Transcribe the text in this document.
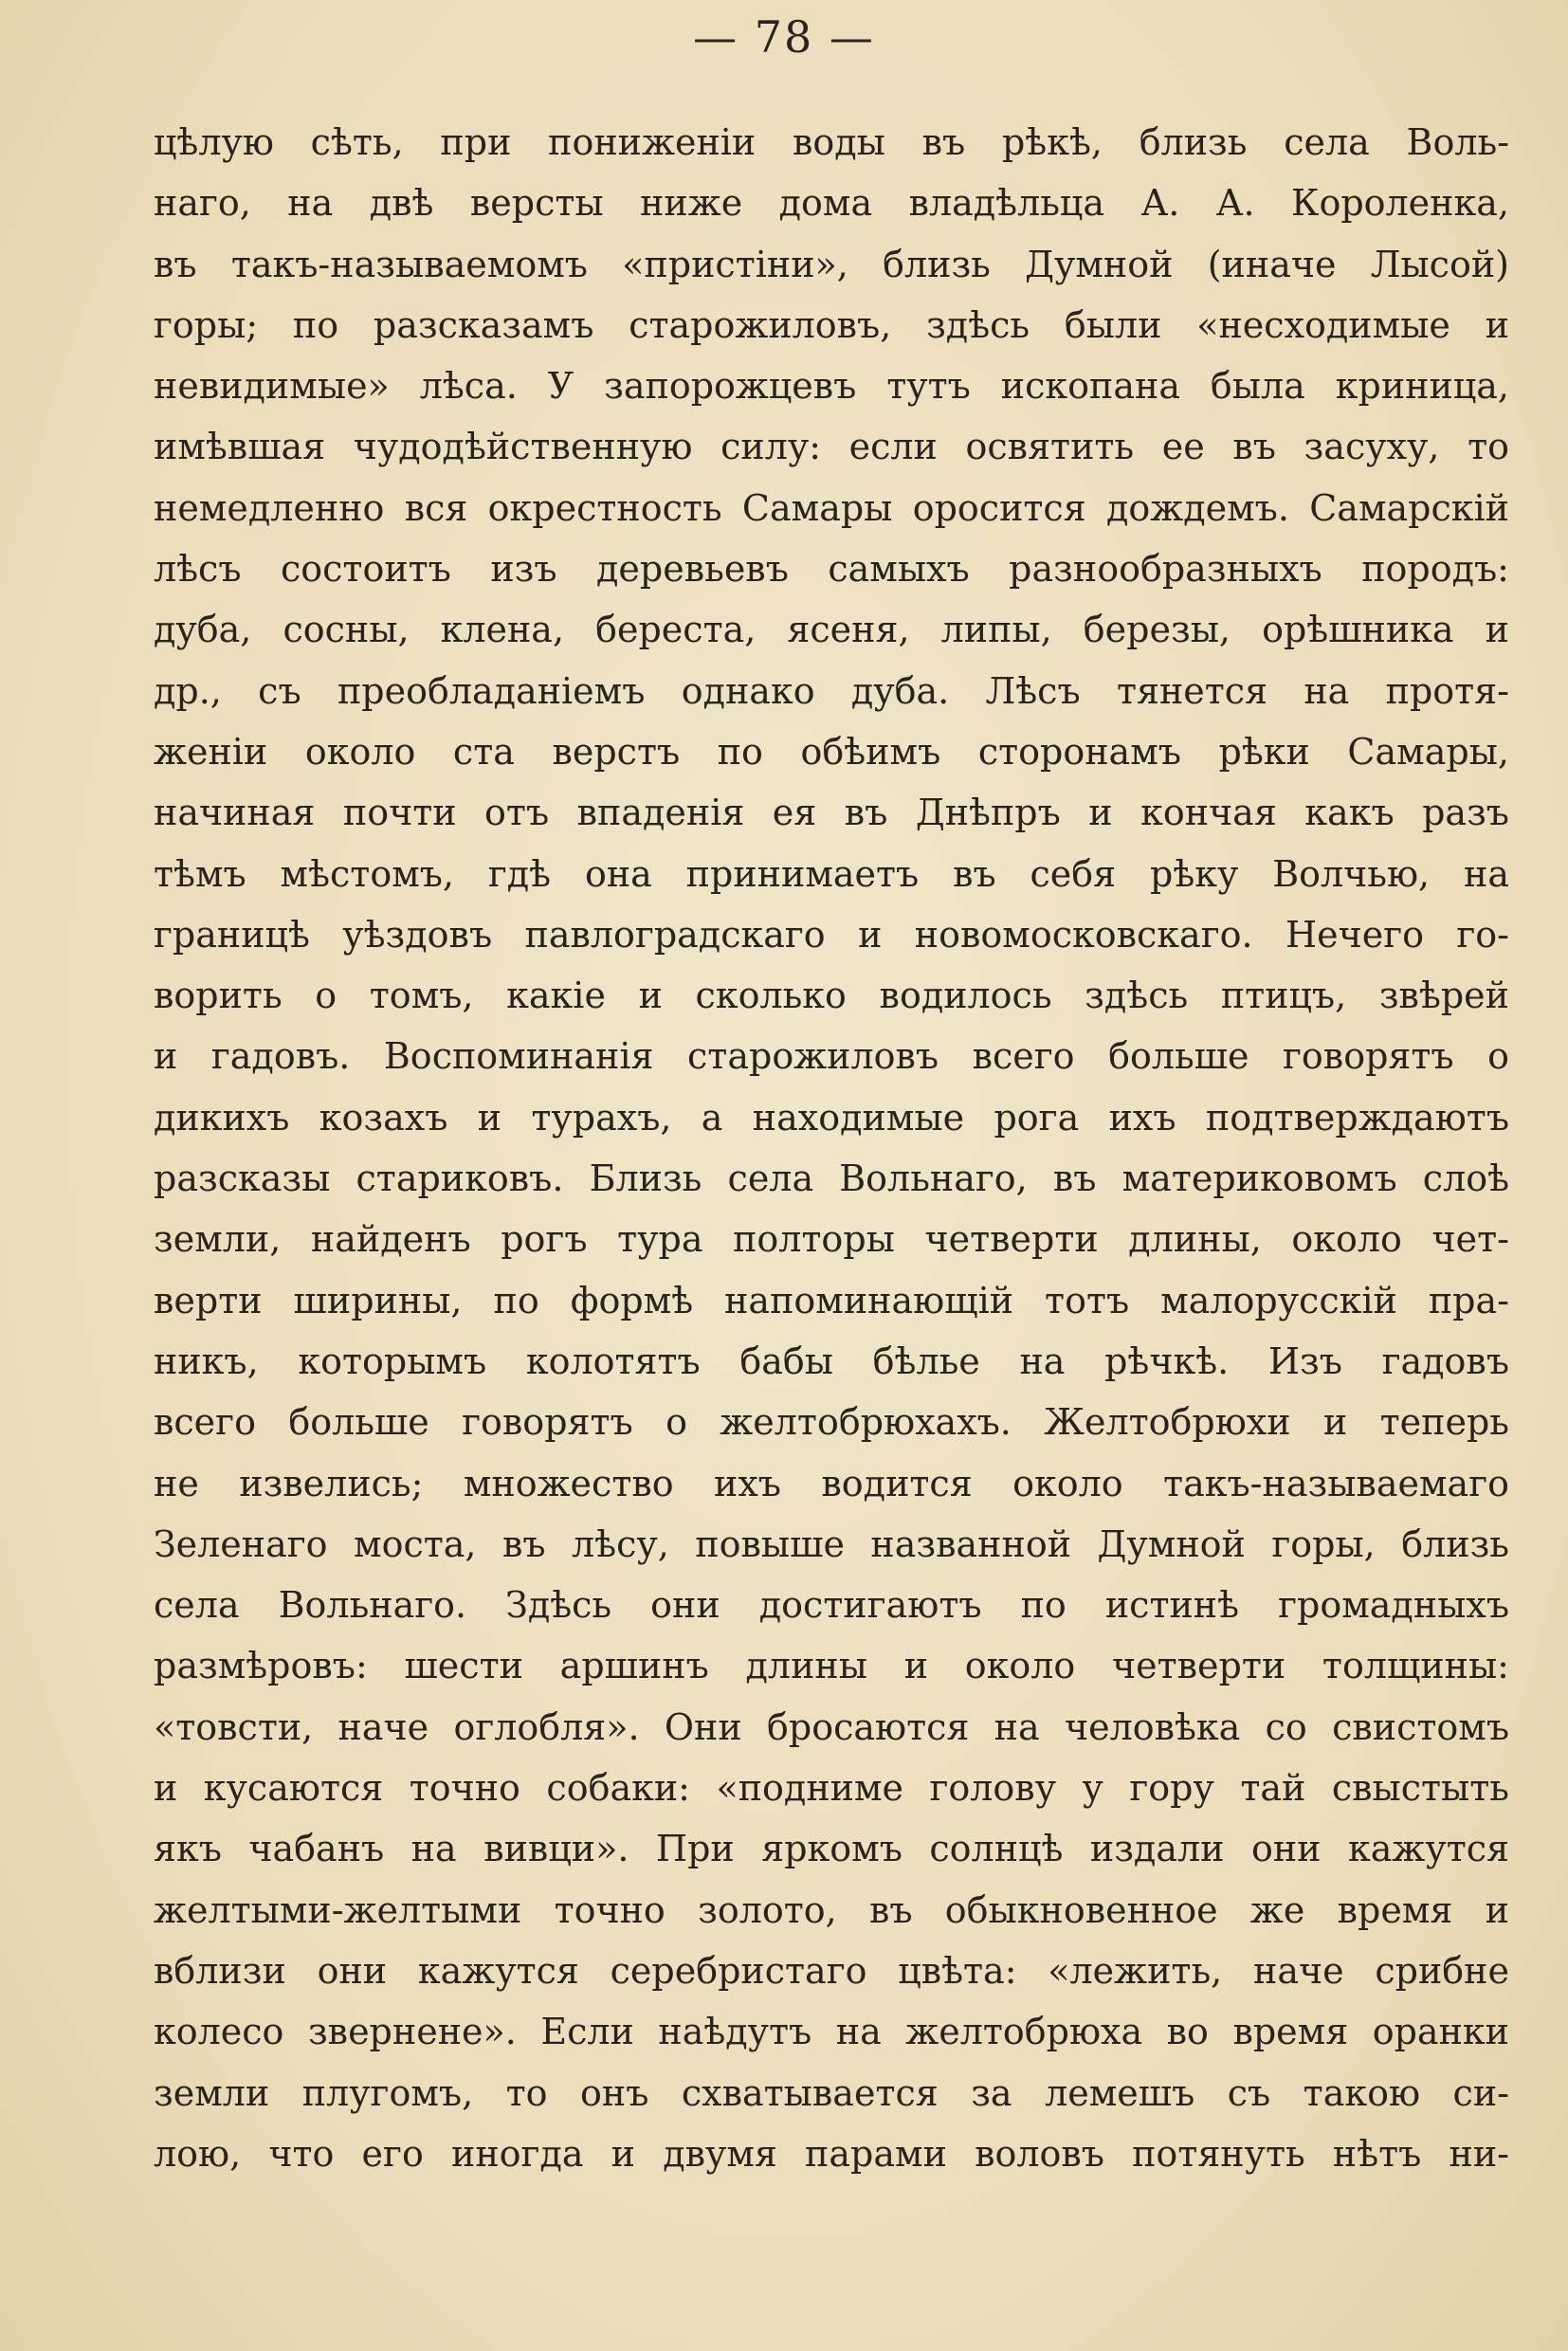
— 78 —
цѣлую сѣть, при пониженіи воды въ рѣкѣ, близь села Воль-
наго, на двѣ версты ниже дома владѣльца А. А. Короленка,
въ такъ-называемомъ «пристіни», близь Думной (иначе Лысой)
горы; по разсказамъ старожиловъ, здѣсь были «несходимые и
невидимые» лѣса. У запорожцевъ тутъ ископана была криница,
имѣвшая чудодѣйственную силу: если освятить ее въ засуху, то
немедленно вся окрестность Самары оросится дождемъ. Самарскій
лѣсъ состоитъ изъ деревьевъ самыхъ разнообразныхъ породъ:
дуба, сосны, клена, береста, ясеня, липы, березы, орѣшника и
др., съ преобладаніемъ однако дуба. Лѣсъ тянется на протя-
женіи около ста верстъ по обѣимъ сторонамъ рѣки Самары,
начиная почти отъ впаденія ея въ Днѣпръ и кончая какъ разъ
тѣмъ мѣстомъ, гдѣ она принимаетъ въ себя рѣку Волчью, на
границѣ уѣздовъ павлоградскаго и новомосковскаго. Нечего го-
ворить о томъ, какіе и сколько водилось здѣсь птицъ, звѣрей
и гадовъ. Воспоминанія старожиловъ всего больше говорятъ о
дикихъ козахъ и турахъ, а находимые рога ихъ подтверждаютъ
разсказы стариковъ. Близь села Вольнаго, въ материковомъ слоѣ
земли, найденъ рогъ тура полторы четверти длины, около чет-
верти ширины, по формѣ напоминающій тотъ малорусскій пра-
никъ, которымъ колотятъ бабы бѣлье на рѣчкѣ. Изъ гадовъ
всего больше говорятъ о желтобрюхахъ. Желтобрюхи и теперь
не извелись; множество ихъ водится около такъ-называемаго
Зеленаго моста, въ лѣсу, повыше названной Думной горы, близь
села Вольнаго. Здѣсь они достигаютъ по истинѣ громадныхъ
размѣровъ: шести аршинъ длины и около четверти толщины:
«товсти, наче оглобля». Они бросаются на человѣка со свистомъ
и кусаются точно собаки: «подниме голову у гору тай свыстыть
якъ чабанъ на вивци». При яркомъ солнцѣ издали они кажутся
желтыми-желтыми точно золото, въ обыкновенное же время и
вблизи они кажутся серебристаго цвѣта: «лежить, наче срибне
колесо звернене». Если наѣдутъ на желтобрюха во время оранки
земли плугомъ, то онъ схватывается за лемешъ съ такою си-
лою, что его иногда и двумя парами воловъ потянуть нѣтъ ни-
